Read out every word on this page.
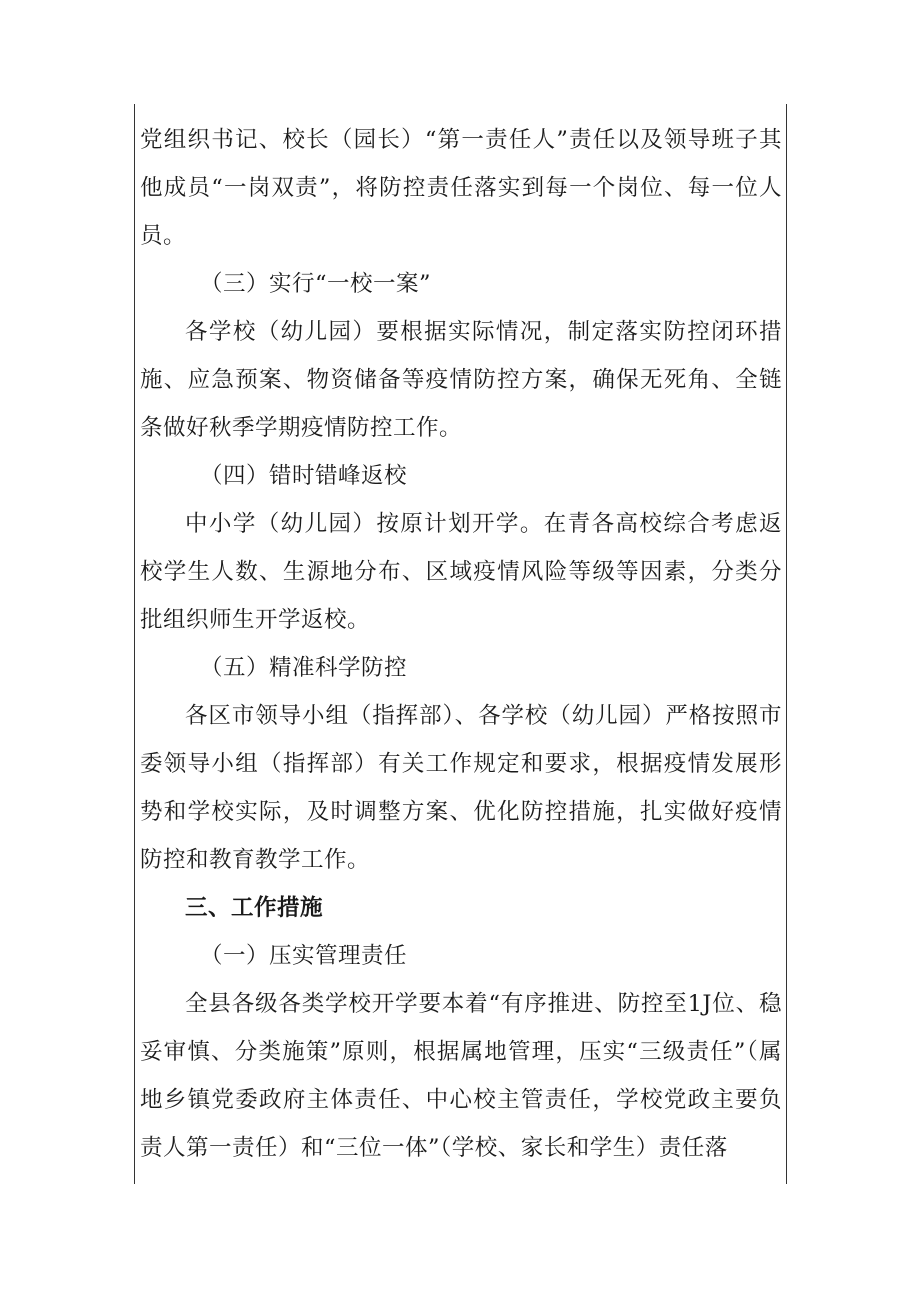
党组织书记、校长（园长）“第一责任人”责任以及领导班子其他成员“一岗双责”，将防控责任落实到每一个岗位、每一位人员。

（三）实行“一校一案”

各学校（幼儿园）要根据实际情况，制定落实防控闭环措施、应急预案、物资储备等疫情防控方案，确保无死角、全链条做好秋季学期疫情防控工作。

（四）错时错峰返校

中小学（幼儿园）按原计划开学。在青各高校综合考虑返校学生人数、生源地分布、区域疫情风险等级等因素，分类分批组织师生开学返校。

（五）精准科学防控

各区市领导小组（指挥部）、各学校（幼儿园）严格按照市委领导小组（指挥部）有关工作规定和要求，根据疫情发展形势和学校实际，及时调整方案、优化防控措施，扎实做好疫情防控和教育教学工作。

三、工作措施

（一）压实管理责任

全县各级各类学校开学要本着“有序推进、防控至1J位、稳妥审慎、分类施策”原则，根据属地管理，压实“三级责任”（属地乡镇党委政府主体责任、中心校主管责任，学校党政主要负责人第一责任）和“三位一体”（学校、家长和学生）责任落
